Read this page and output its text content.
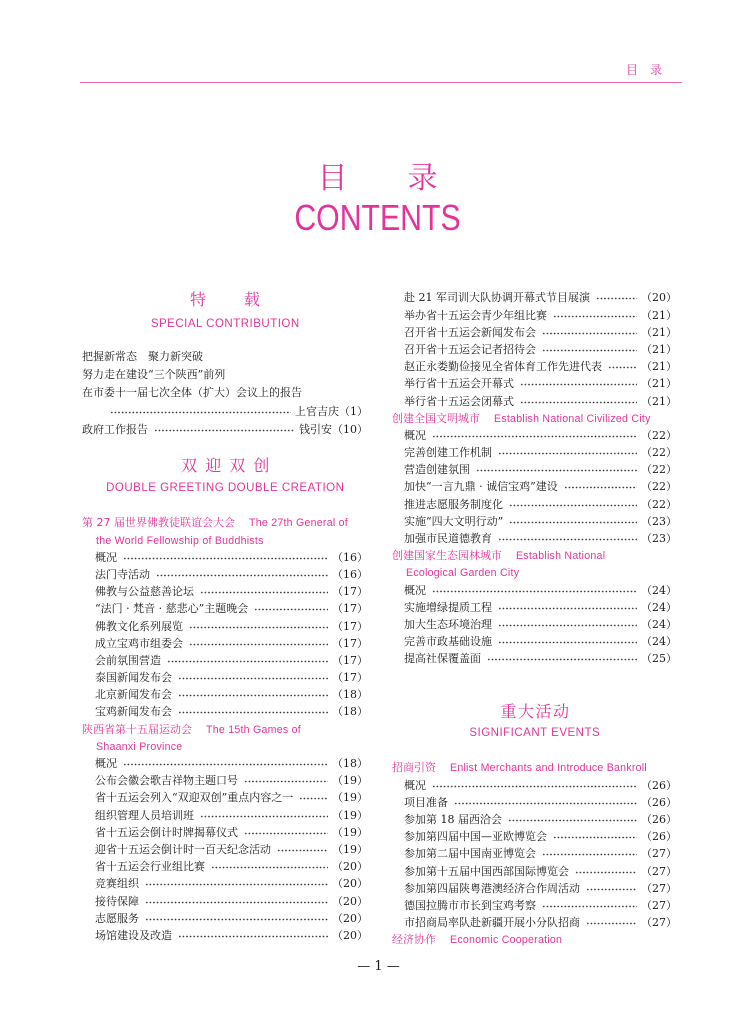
目　录
目　　录
CONTENTS
特　　载
SPECIAL CONTRIBUTION
把握新常态　聚力新突破
努力走在建设“三个陕西”前列
在市委十一届七次全体（扩大）会议上的报告
上官吉庆 （1）
政府工作报告	钱引安 （10）
双 迎 双 创
DOUBLE GREETING DOUBLE CREATION
第 27 届世界佛教徒联谊会大会 The 27th General of
the World Fellowship of Buddhists
概况	（16）
法门寺活动	（16）
佛教与公益慈善论坛	（17）
“法门 · 梵音 · 慈悲心”主题晚会	（17）
佛教文化系列展览	（17）
成立宝鸡市组委会	（17）
会前氛围营造	（17）
泰国新闻发布会	（17）
北京新闻发布会	（18）
宝鸡新闻发布会	（18）
陕西省第十五届运动会 The 15th Games of
Shaanxi Province
概况	（18）
公布会徽会歌吉祥物主题口号	（19）
省十五运会列入“双迎双创”重点内容之一	（19）
组织管理人员培训班	（19）
省十五运会倒计时牌揭幕仪式	（19）
迎省十五运会倒计时一百天纪念活动	（19）
省十五运会行业组比赛	（20）
竞赛组织	（20）
接待保障	（20）
志愿服务	（20）
场馆建设及改造	（20）
赴 21 军司训大队协调开幕式节目展演	（20）
举办省十五运会青少年组比赛	（21）
召开省十五运会新闻发布会	（21）
召开省十五运会记者招待会	（21）
赵正永娄勤俭接见全省体育工作先进代表	（21）
举行省十五运会开幕式	（21）
举行省十五运会闭幕式	（21）
创建全国文明城市 Establish National Civilized City
概况	（22）
完善创建工作机制	（22）
营造创建氛围	（22）
加快“一言九鼎 · 诚信宝鸡”建设	（22）
推进志愿服务制度化	（22）
实施“四大文明行动”	（23）
加强市民道德教育	（23）
创建国家生态园林城市 Establish National
Ecological Garden City
概况	（24）
实施增绿提质工程	（24）
加大生态环境治理	（24）
完善市政基础设施	（24）
提高社保覆盖面	（25）
重大活动
SIGNIFICANT EVENTS
招商引资 Enlist Merchants and Introduce Bankroll
概况	（26）
项目准备	（26）
参加第 18 届西洽会	（26）
参加第四届中国—亚欧博览会	（26）
参加第二届中国南亚博览会	（27）
参加第十五届中国西部国际博览会	（27）
参加第四届陕粤港澳经济合作周活动	（27）
德国拉腾市市长到宝鸡考察	（27）
市招商局率队赴新疆开展小分队招商	（27）
经济协作 Economic Cooperation
— 1 —
